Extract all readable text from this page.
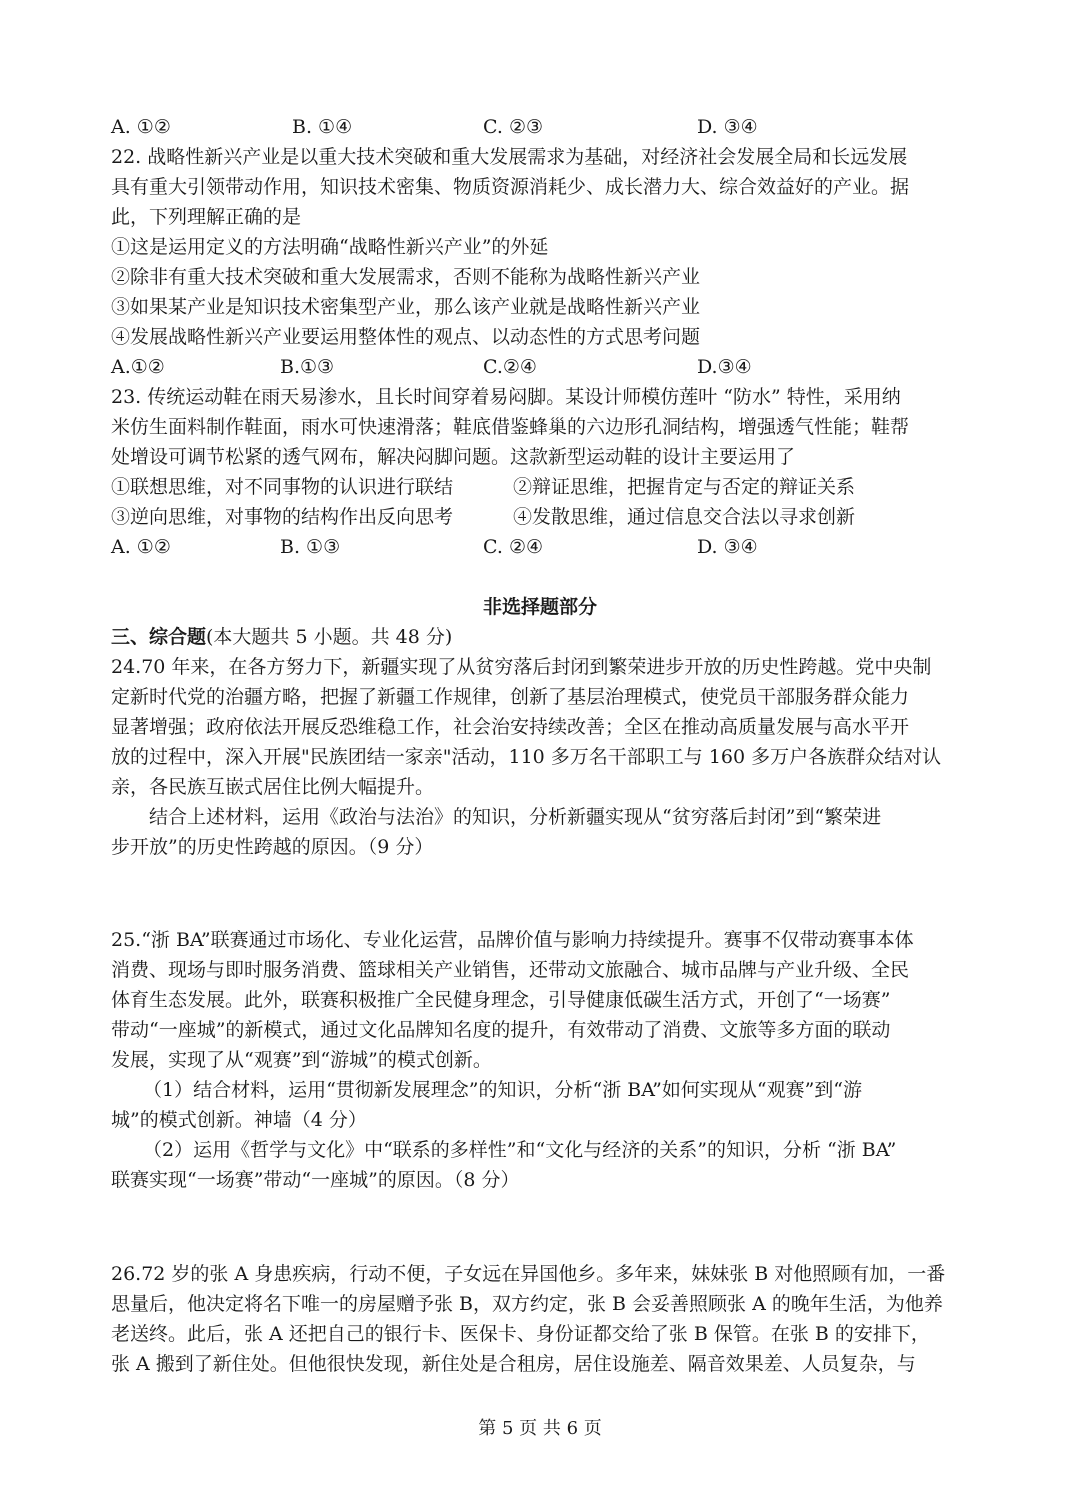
A. ①②	B. ①④	C. ②③	D. ③④
22. 战略性新兴产业是以重大技术突破和重大发展需求为基础，对经济社会发展全局和长远发展
具有重大引领带动作用，知识技术密集、物质资源消耗少、成长潜力大、综合效益好的产业。据
此，下列理解正确的是
①这是运用定义的方法明确“战略性新兴产业”的外延
②除非有重大技术突破和重大发展需求，否则不能称为战略性新兴产业
③如果某产业是知识技术密集型产业，那么该产业就是战略性新兴产业
④发展战略性新兴产业要运用整体性的观点、以动态性的方式思考问题
A.①②	B.①③	C.②④	D.③④
23. 传统运动鞋在雨天易渗水，且长时间穿着易闷脚。某设计师模仿莲叶 “防水” 特性，采用纳
米仿生面料制作鞋面，雨水可快速滑落；鞋底借鉴蜂巢的六边形孔洞结构，增强透气性能；鞋帮
处增设可调节松紧的透气网布，解决闷脚问题。这款新型运动鞋的设计主要运用了
①联想思维，对不同事物的认识进行联结	②辩证思维，把握肯定与否定的辩证关系
③逆向思维，对事物的结构作出反向思考	④发散思维，通过信息交合法以寻求创新
A. ①②	B. ①③	C. ②④	D. ③④
非选择题部分
三、综合题(本大题共 5 小题。共 48 分)
24.70 年来，在各方努力下，新疆实现了从贫穷落后封闭到繁荣进步开放的历史性跨越。党中央制
定新时代党的治疆方略，把握了新疆工作规律，创新了基层治理模式，使党员干部服务群众能力
显著增强；政府依法开展反恐维稳工作，社会治安持续改善；全区在推动高质量发展与高水平开
放的过程中，深入开展"民族团结一家亲"活动，110 多万名干部职工与 160 多万户各族群众结对认
亲，各民族互嵌式居住比例大幅提升。
结合上述材料，运用《政治与法治》的知识，分析新疆实现从“贫穷落后封闭”到“繁荣进
步开放”的历史性跨越的原因。（9 分）
25.“浙 BA”联赛通过市场化、专业化运营，品牌价值与影响力持续提升。赛事不仅带动赛事本体
消费、现场与即时服务消费、篮球相关产业销售，还带动文旅融合、城市品牌与产业升级、全民
体育生态发展。此外，联赛积极推广全民健身理念，引导健康低碳生活方式，开创了“一场赛”
带动“一座城”的新模式，通过文化品牌知名度的提升，有效带动了消费、文旅等多方面的联动
发展，实现了从“观赛”到“游城”的模式创新。
（1）结合材料，运用“贯彻新发展理念”的知识，分析“浙 BA”如何实现从“观赛”到“游
城”的模式创新。神墙（4 分）
（2）运用《哲学与文化》中“联系的多样性”和“文化与经济的关系”的知识，分析 “浙 BA”
联赛实现“一场赛”带动“一座城”的原因。（8 分）
26.72 岁的张 A 身患疾病，行动不便，子女远在异国他乡。多年来，妹妹张 B 对他照顾有加，一番
思量后，他决定将名下唯一的房屋赠予张 B，双方约定，张 B 会妥善照顾张 A 的晚年生活，为他养
老送终。此后，张 A 还把自己的银行卡、医保卡、身份证都交给了张 B 保管。在张 B 的安排下，
张 A 搬到了新住处。但他很快发现，新住处是合租房，居住设施差、隔音效果差、人员复杂，与
第 5 页 共 6 页
